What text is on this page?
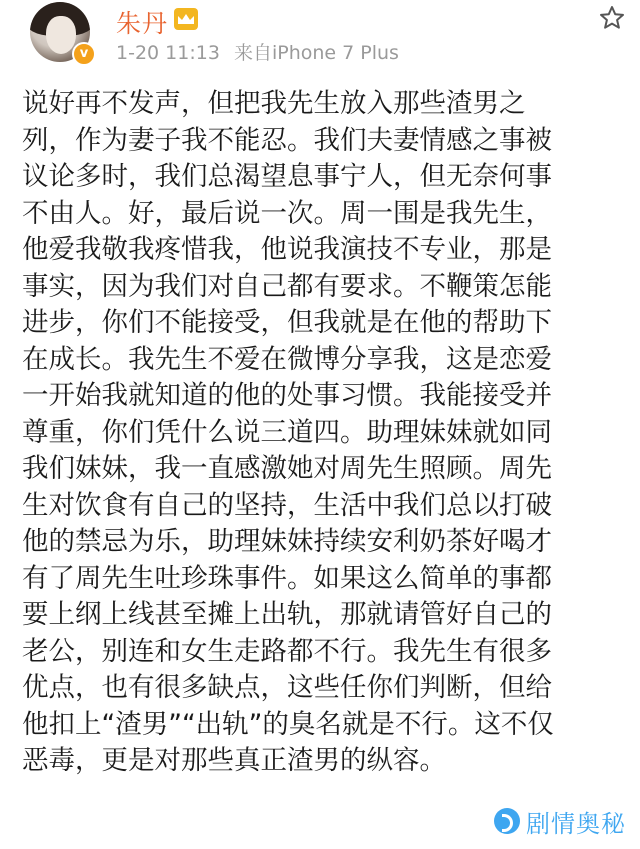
v
朱丹
1-20 11:13 来自iPhone 7 Plus
说好再不发声，但把我先生放入那些渣男之
列，作为妻子我不能忍。我们夫妻情感之事被
议论多时，我们总渴望息事宁人，但无奈何事
不由人。好，最后说一次。周一围是我先生，
他爱我敬我疼惜我，他说我演技不专业，那是
事实，因为我们对自己都有要求。不鞭策怎能
进步，你们不能接受，但我就是在他的帮助下
在成长。我先生不爱在微博分享我，这是恋爱
一开始我就知道的他的处事习惯。我能接受并
尊重，你们凭什么说三道四。助理妹妹就如同
我们妹妹，我一直感激她对周先生照顾。周先
生对饮食有自己的坚持，生活中我们总以打破
他的禁忌为乐，助理妹妹持续安利奶茶好喝才
有了周先生吐珍珠事件。如果这么简单的事都
要上纲上线甚至摊上出轨，那就请管好自己的
老公，别连和女生走路都不行。我先生有很多
优点，也有很多缺点，这些任你们判断，但给
他扣上“渣男”“出轨”的臭名就是不行。这不仅
恶毒，更是对那些真正渣男的纵容。
剧情奥秘
